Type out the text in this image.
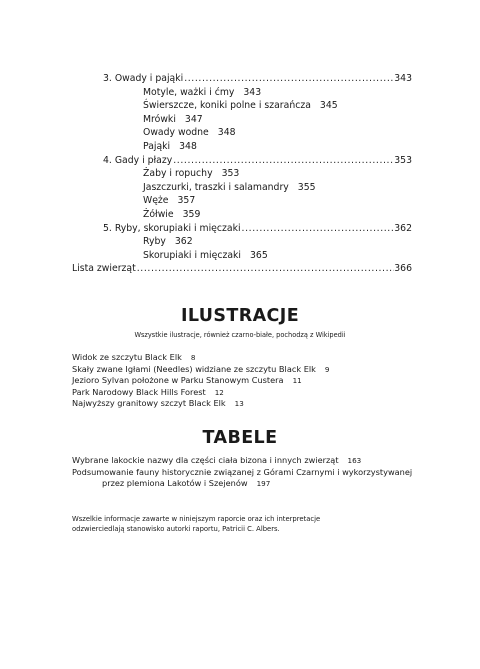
3. Owady i pająki .....	343
Motyle, ważki i ćmy 343
Świerszcze, koniki polne i szarańcza 345
Mrówki 347
Owady wodne 348
Pająki 348
4. Gady i płazy .....	353
Żaby i ropuchy 353
Jaszczurki, traszki i salamandry 355
Węże 357
Żółwie 359
5. Ryby, skorupiaki i mięczaki .....	362
Ryby 362
Skorupiaki i mięczaki 365
Lista zwierząt .....	366
ILUSTRACJE
Wszystkie ilustracje, również czarno-białe, pochodzą z Wikipedii
Widok ze szczytu Black Elk 8
Skały zwane Igłami (Needles) widziane ze szczytu Black Elk 9
Jezioro Sylvan położone w Parku Stanowym Custera 11
Park Narodowy Black Hills Forest 12
Najwyższy granitowy szczyt Black Elk 13
TABELE
Wybrane lakockie nazwy dla części ciała bizona i innych zwierząt 163
Podsumowanie fauny historycznie związanej z Górami Czarnymi i wykorzystywanej
przez plemiona Lakotów i Szejenów 197
Wszelkie informacje zawarte w niniejszym raporcie oraz ich interpretacje
odzwierciedlają stanowisko autorki raportu, Patricii C. Albers.
